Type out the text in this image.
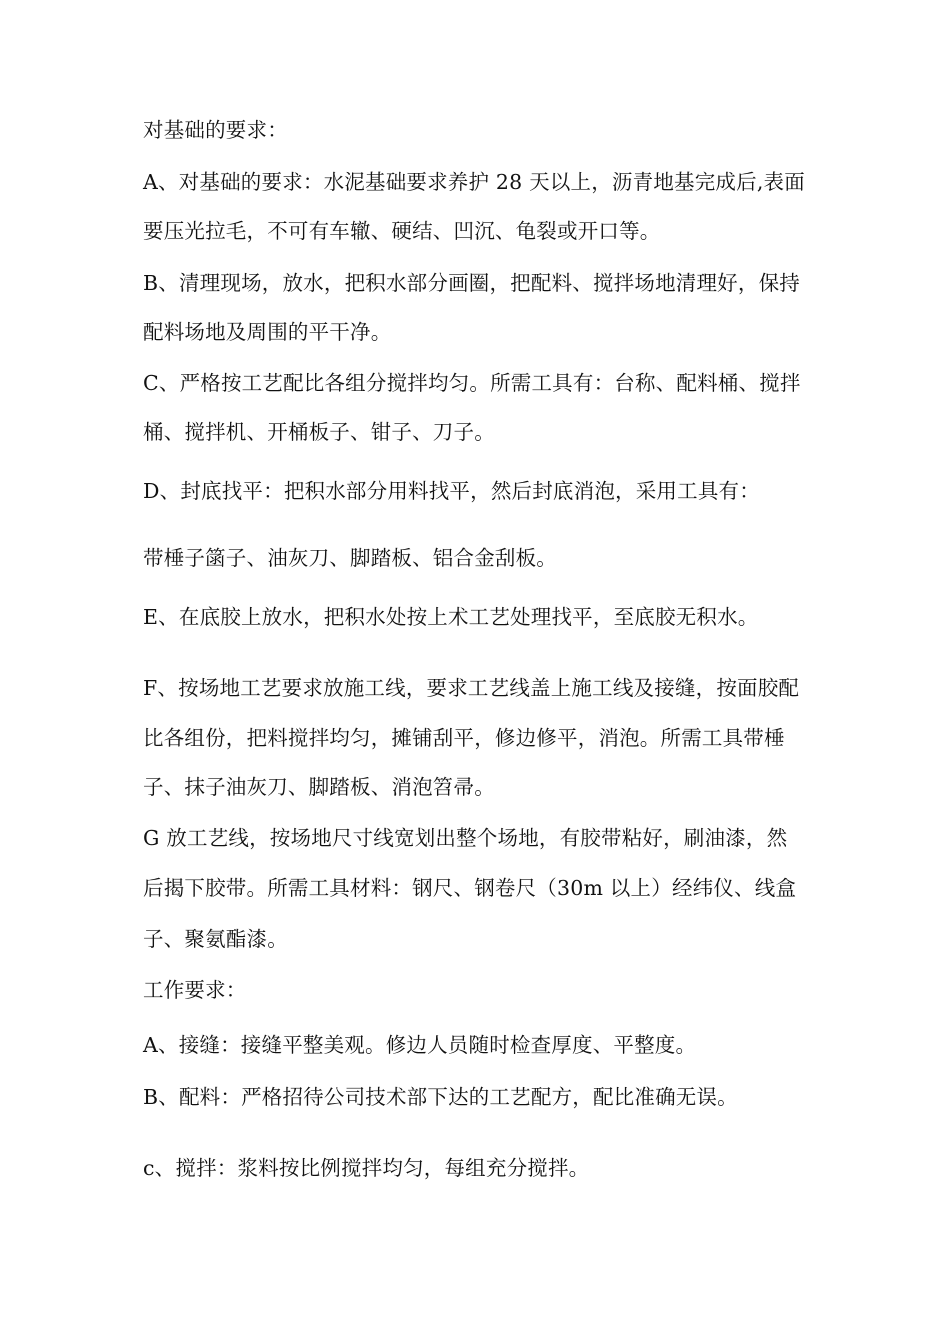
对基础的要求：
A、对基础的要求：水泥基础要求养护 28 天以上，沥青地基完成后,表面
要压光拉毛，不可有车辙、硬结、凹沉、龟裂或开口等。
B、清理现场，放水，把积水部分画圈，把配料、搅拌场地清理好，保持
配料场地及周围的平干净。
C、严格按工艺配比各组分搅拌均匀。所需工具有：台称、配料桶、搅拌
桶、搅拌机、开桶板子、钳子、刀子。
D、封底找平：把积水部分用料找平，然后封底消泡，采用工具有：
带棰子䈄子、油灰刀、脚踏板、铝合金刮板。
E、在底胶上放水，把积水处按上术工艺处理找平，至底胶无积水。
F、按场地工艺要求放施工线，要求工艺线盖上施工线及接缝，按面胶配
比各组份，把料搅拌均匀，摊铺刮平，修边修平，消泡。所需工具带棰
子、抹子油灰刀、脚踏板、消泡笤帚。
G 放工艺线，按场地尺寸线宽划出整个场地，有胶带粘好，刷油漆，然
后揭下胶带。所需工具材料：钢尺、钢卷尺（30m 以上）经纬仪、线盒
子、聚氨酯漆。
工作要求：
A、接缝：接缝平整美观。修边人员随时检查厚度、平整度。
B、配料：严格招待公司技术部下达的工艺配方，配比准确无误。
c、搅拌：浆料按比例搅拌均匀，每组充分搅拌。
